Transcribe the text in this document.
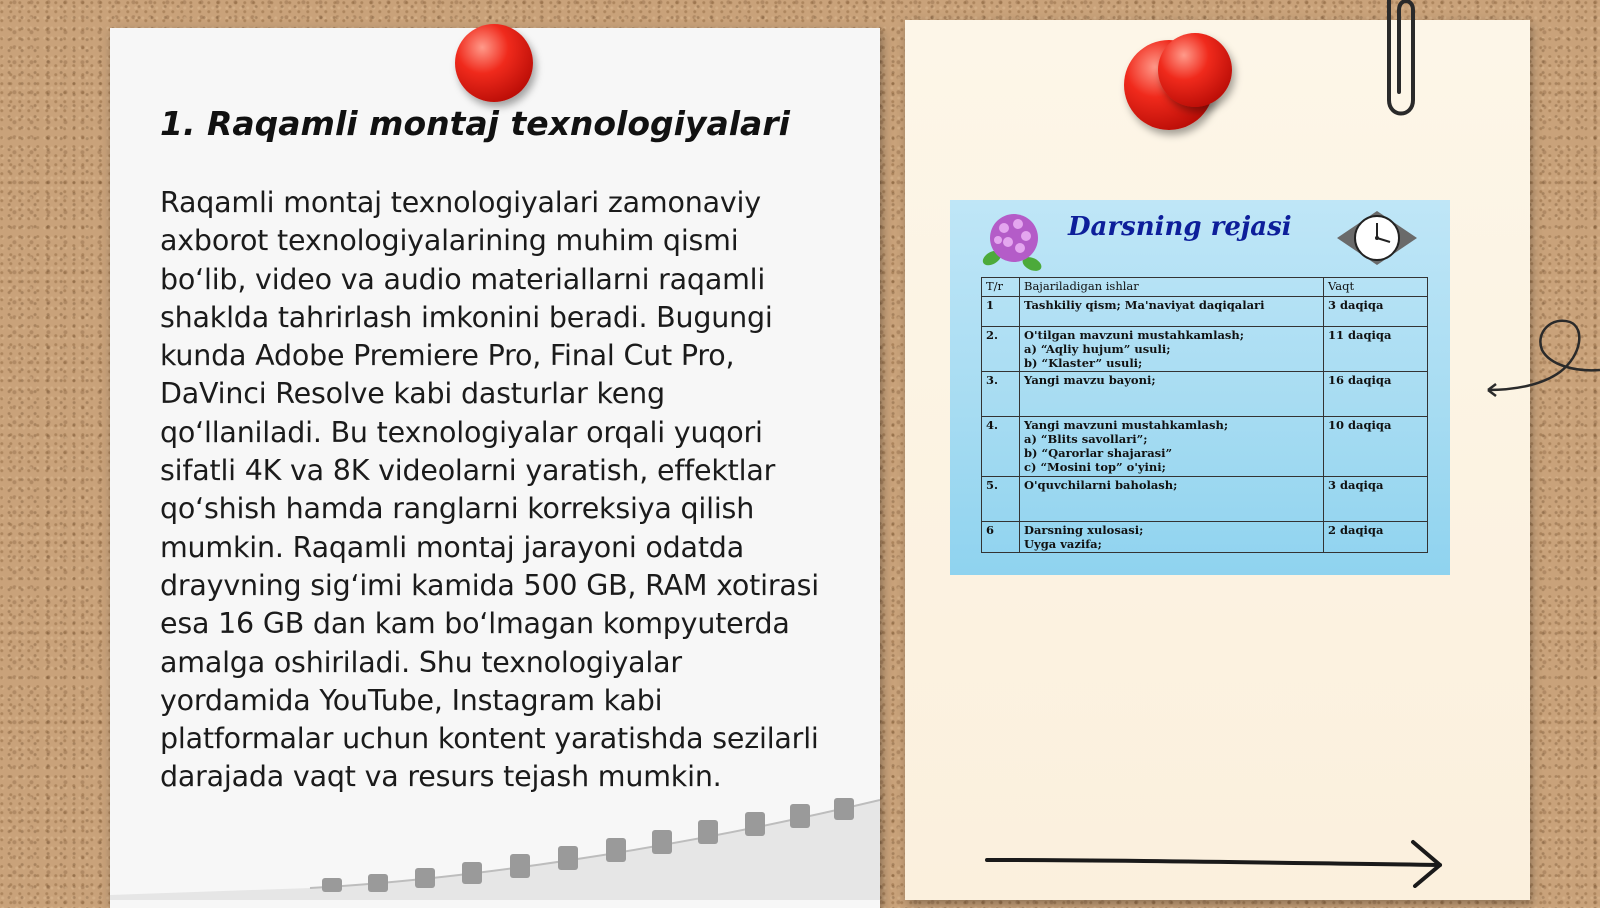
1. Raqamli montaj texnologiyalari

Raqamli montaj texnologiyalari zamonaviy axborot texnologiyalarining muhim qismi boʻlib, video va audio materiallarni raqamli shaklda tahrirlash imkonini beradi. Bugungi kunda Adobe Premiere Pro, Final Cut Pro, DaVinci Resolve kabi dasturlar keng qoʻllaniladi. Bu texnologiyalar orqali yuqori sifatli 4K va 8K videolarni yaratish, effektlar qoʻshish hamda ranglarni korreksiya qilish mumkin. Raqamli montaj jarayoni odatda drayvning sigʻimi kamida 500 GB, RAM xotirasi esa 16 GB dan kam boʻlmagan kompyuterda amalga oshiriladi. Shu texnologiyalar yordamida YouTube, Instagram kabi platformalar uchun kontent yaratishda sezilarli darajada vaqt va resurs tejash mumkin.

Darsning rejasi
T/r	Bajariladigan ishlar	Vaqt
1	Tashkiliy qism; Ma'naviyat daqiqalari	3 daqiqa
2.	O'tilgan mavzuni mustahkamlash;
a) “Aqliy hujum” usuli;
b) “Klaster” usuli;	11 daqiqa
3.	Yangi mavzu bayoni;	16 daqiqa
4.	Yangi mavzuni mustahkamlash;
a) “Blits savollari”;
b) “Qarorlar shajarasi”
c) “Mosini top” o'yini;	10 daqiqa
5.	O'quvchilarni baholash;	3 daqiqa
6	Darsning xulosasi;
Uyga vazifa;	2 daqiqa
